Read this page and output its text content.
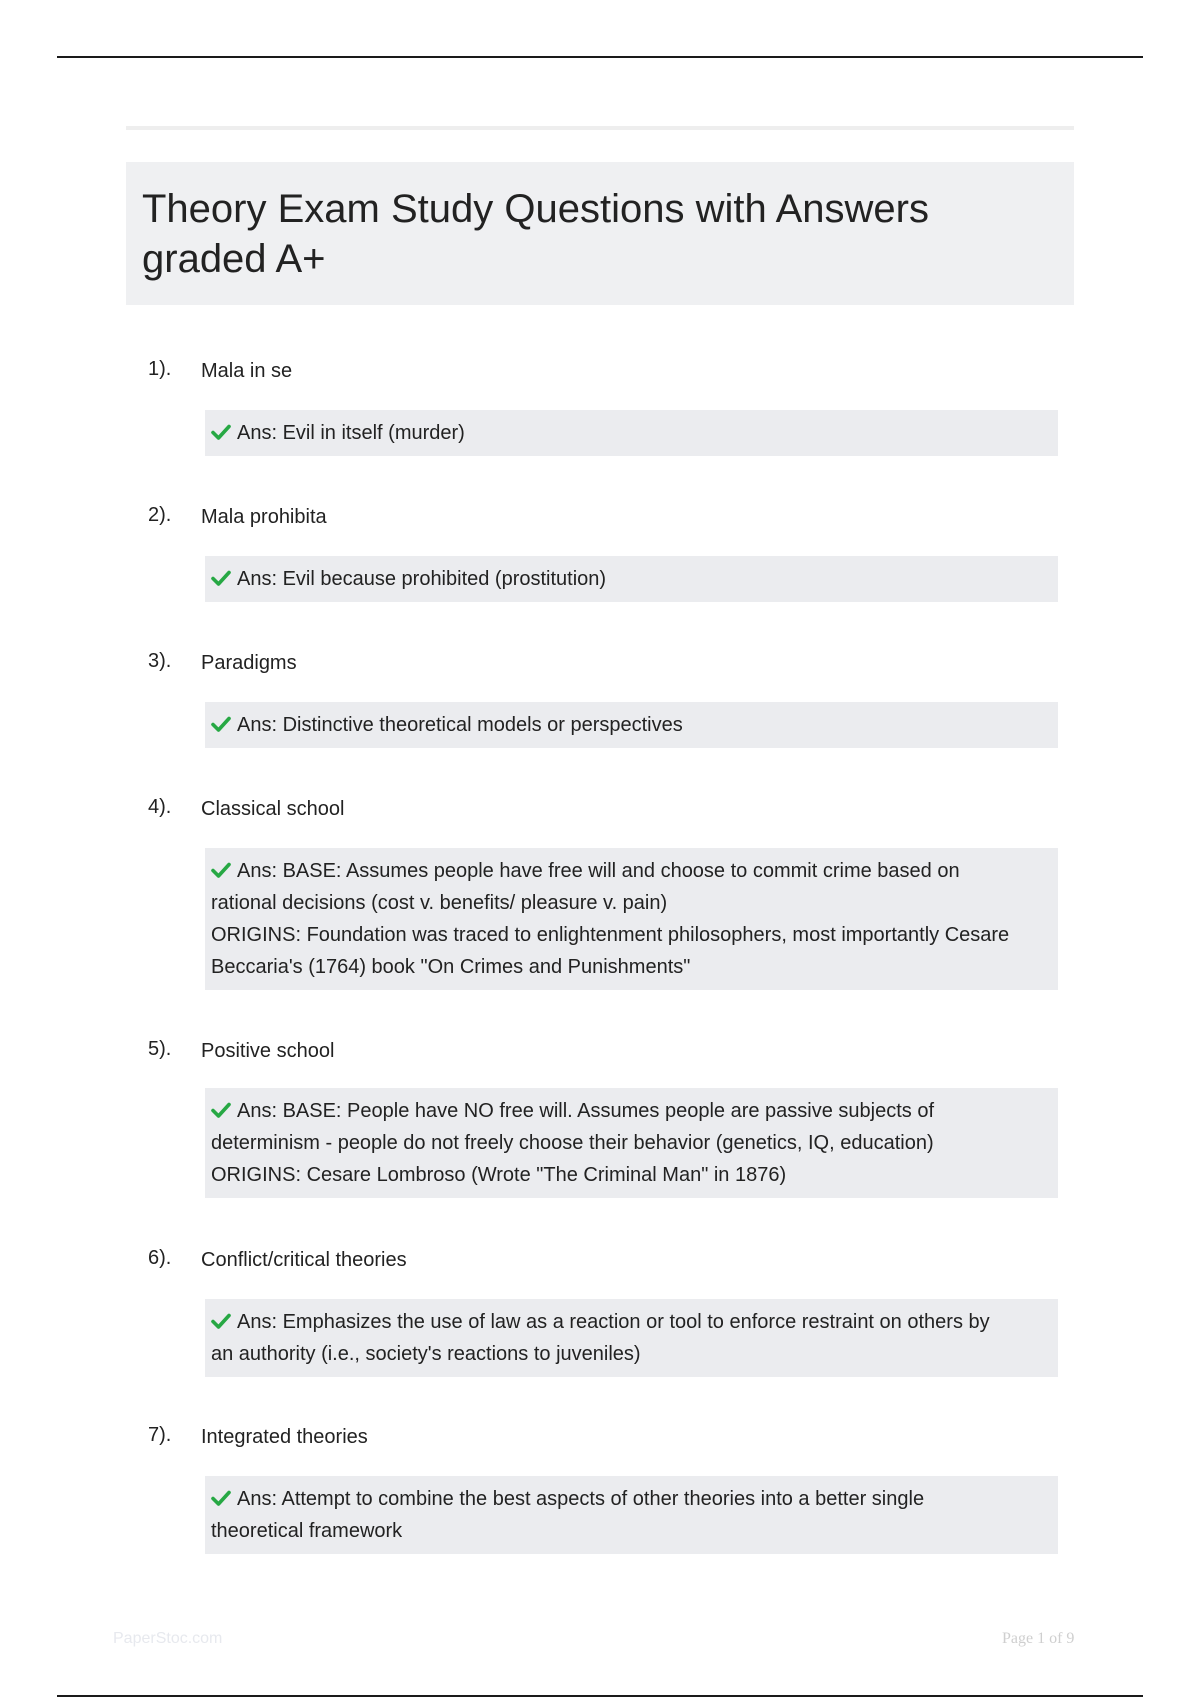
Theory Exam Study Questions with Answers graded A+
1). Mala in se
Ans: Evil in itself (murder)
2). Mala prohibita
Ans: Evil because prohibited (prostitution)
3). Paradigms
Ans: Distinctive theoretical models or perspectives
4). Classical school
Ans: BASE: Assumes people have free will and choose to commit crime based on
rational decisions (cost v. benefits/ pleasure v. pain)
ORIGINS: Foundation was traced to enlightenment philosophers, most importantly Cesare
Beccaria's (1764) book "On Crimes and Punishments"
5). Positive school
Ans: BASE: People have NO free will. Assumes people are passive subjects of
determinism - people do not freely choose their behavior (genetics, IQ, education)
ORIGINS: Cesare Lombroso (Wrote "The Criminal Man" in 1876)
6). Conflict/critical theories
Ans: Emphasizes the use of law as a reaction or tool to enforce restraint on others by
an authority (i.e., society's reactions to juveniles)
7). Integrated theories
Ans: Attempt to combine the best aspects of other theories into a better single
theoretical framework
PaperStoc.com	Page 1 of 9
